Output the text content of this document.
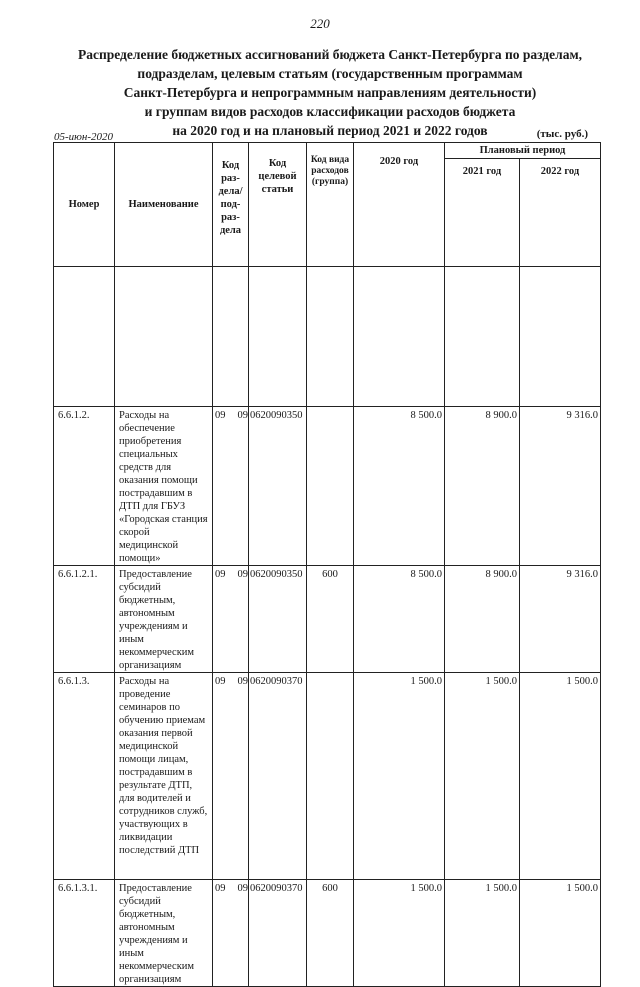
220
Распределение бюджетных ассигнований бюджета Санкт-Петербурга по разделам,
подразделам, целевым статьям (государственным программам
Санкт-Петербурга и непрограммным направлениям деятельности)
и группам видов расходов классификации расходов бюджета
на 2020 год и на плановый период 2021 и 2022 годов
05-июн-2020	(тыс. руб.)
Номер	Наименование	Код раз-дела/ под-раз-дела	Код целевой статьи	Код вида расходов (группа)	2020 год	Плановый период	
						2021 год	2022 год

6.6.1.2.	Расходы на обеспечение приобретения специальных средств для оказания помощи пострадавшим в ДТП для ГБУЗ «Городская станция скорой медицинской помощи»	09 09	0620090350		8 500.0	8 900.0	9 316.0
6.6.1.2.1.	Предоставление субсидий бюджетным, автономным учреждениям и иным некоммерческим организациям	09 09	0620090350	600	8 500.0	8 900.0	9 316.0
6.6.1.3.	Расходы на проведение семинаров по обучению приемам оказания первой медицинской помощи лицам, пострадавшим в результате ДТП, для водителей и сотрудников служб, участвующих в ликвидации последствий ДТП	09 09	0620090370		1 500.0	1 500.0	1 500.0
6.6.1.3.1.	Предоставление субсидий бюджетным, автономным учреждениям и иным некоммерческим организациям	09 09	0620090370	600	1 500.0	1 500.0	1 500.0
